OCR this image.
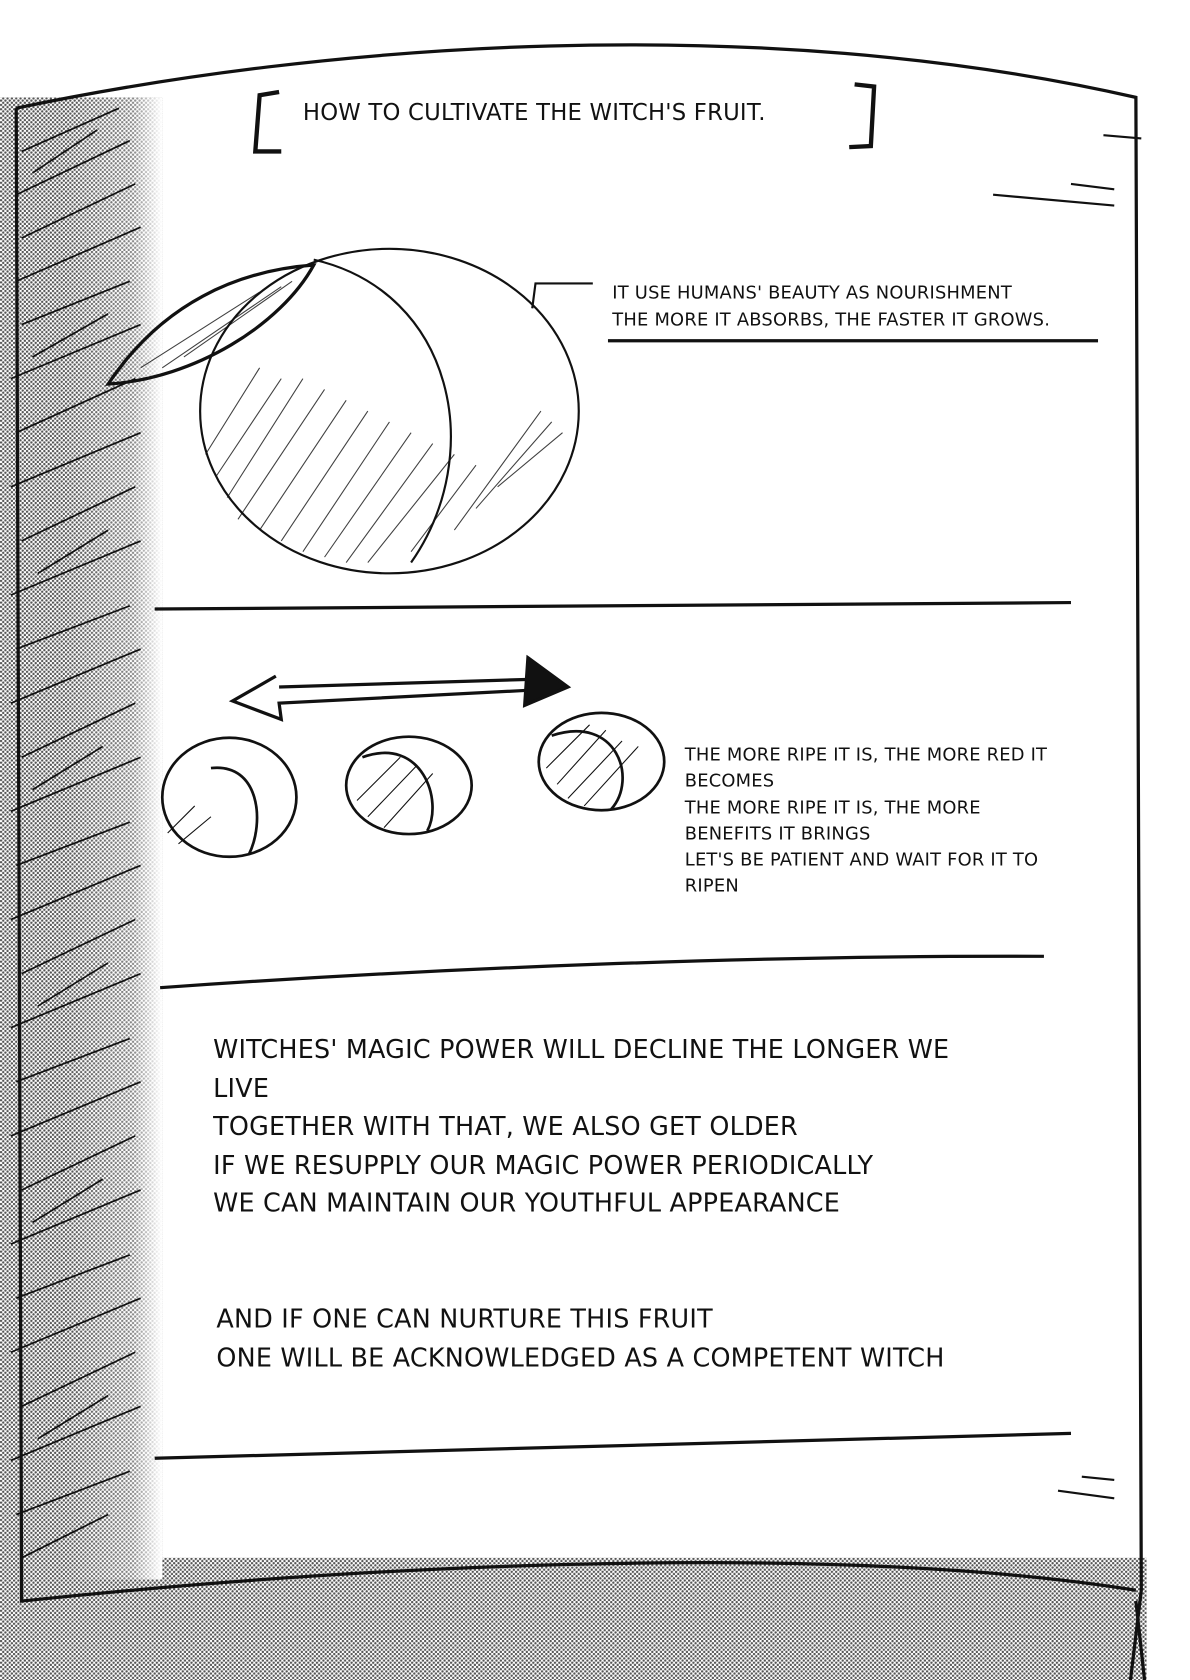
HOW TO CULTIVATE THE WITCH'S FRUIT.
IT USE HUMANS' BEAUTY AS NOURISHMENT
THE MORE IT ABSORBS, THE FASTER IT GROWS.
THE MORE RIPE IT IS, THE MORE RED IT
BECOMES
THE MORE RIPE IT IS, THE MORE
BENEFITS IT BRINGS
LET'S BE PATIENT AND WAIT FOR IT TO
RIPEN
WITCHES' MAGIC POWER WILL DECLINE THE LONGER WE
LIVE
TOGETHER WITH THAT, WE ALSO GET OLDER
IF WE RESUPPLY OUR MAGIC POWER PERIODICALLY
WE CAN MAINTAIN OUR YOUTHFUL APPEARANCE
AND IF ONE CAN NURTURE THIS FRUIT
ONE WILL BE ACKNOWLEDGED AS A COMPETENT WITCH
